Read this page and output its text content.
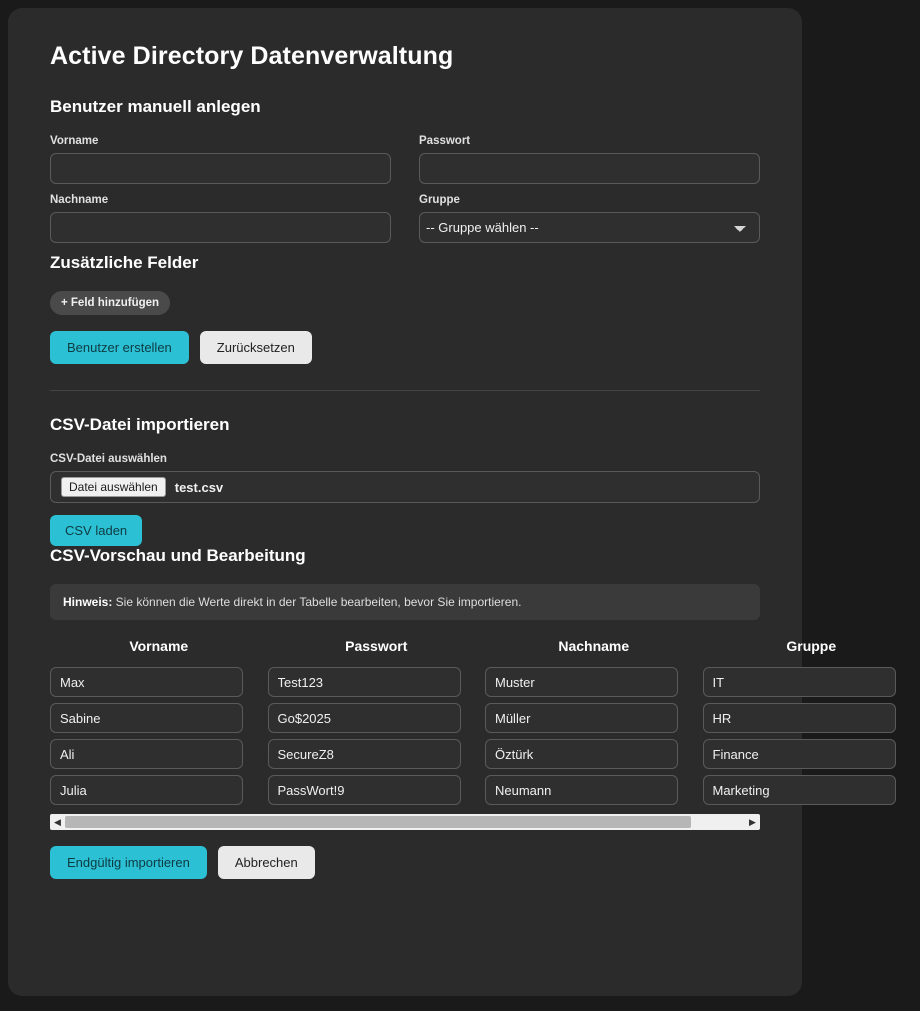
Active Directory Datenverwaltung
Benutzer manuell anlegen
Vorname	Passwort
Nachname	Gruppe
-- Gruppe wählen --
Zusätzliche Felder
+ Feld hinzufügen
Benutzer erstellen	Zurücksetzen
CSV-Datei importieren
CSV-Datei auswählen
Datei auswählen	test.csv
CSV laden
CSV-Vorschau und Bearbeitung
Hinweis: Sie können die Werte direkt in der Tabelle bearbeiten, bevor Sie importieren.
Vorname	Passwort	Nachname	Gruppe
Max	Test123	Muster	IT
Sabine	Go$2025	Müller	HR
Ali	SecureZ8	Öztürk	Finance
Julia	PassWort!9	Neumann	Marketing
◀	▶
Endgültig importieren	Abbrechen
